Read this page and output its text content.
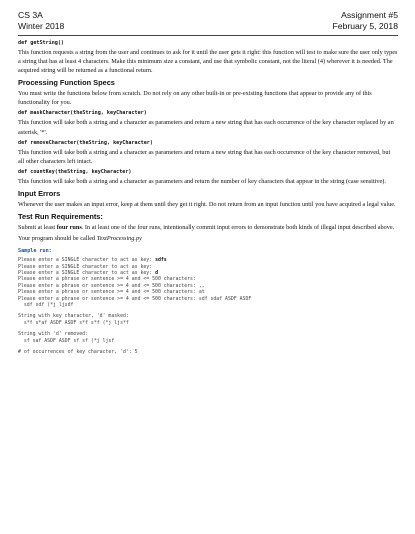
CS 3A
Winter 2018
Assignment #5
February 5, 2018
def getString()
This function requests a string from the user and continues to ask for it until the user gets it right: this function will test to make sure the user only types a string that has at least 4 characters. Make this minimum size a constant, and use that symbolic constant, not the literal (4) wherever it is needed. The acquired string will be returned as a functional return.
Processing Function Specs
You must write the functions below from scratch. Do not rely on any other built-in or pre-existing functions that appear to provide any of this functionality for you.
def maskCharacter(theString, keyCharacter)
This function will take both a string and a character as parameters and return a new string that has each occurrence of the key character replaced by an asterisk, '*'.
def removeCharacter(theString, keyCharacter)
This function will take both a string and a character as parameters and return a new string that has each occurrence of the key character removed, but all other characters left intact.
def countKey(theString, keyCharacter)
This function will take both a string and a character as parameters and return the number of key characters that appear in the string (case sensitive).
Input Errors
Whenever the user makes an input error, keep at them until they get it right. Do not return from an input function until you have acquired a legal value.
Test Run Requirements:
Submit at least four runs. In at least one of the four runs, intentionally commit input errors to demonstrate both kinds of illegal input described above.
Your program should be called TextProcessing.py
Sample run:
Please enter a SINGLE character to act as key: sdfs
Please enter a SINGLE character to act as key:
Please enter a SINGLE character to act as key: d
Please enter a phrase or sentence >= 4 and <= 500 characters:
Please enter a phrase or sentence >= 4 and <= 500 characters: ,,
Please enter a phrase or sentence >= 4 and <= 500 characters: at
Please enter a phrase or sentence >= 4 and <= 500 characters: sdf sdaf ASDF ASDF
sdf sdf (*j ljsdf
String with key character, 'd' masked:
s*f s*af ASDF ASDF s*f s*f (*j ljs*f
String with 'd' removed:
sf saf ASDF ASDF sf sf (*j ljsf
# of occurrences of key character, 'd': 5
